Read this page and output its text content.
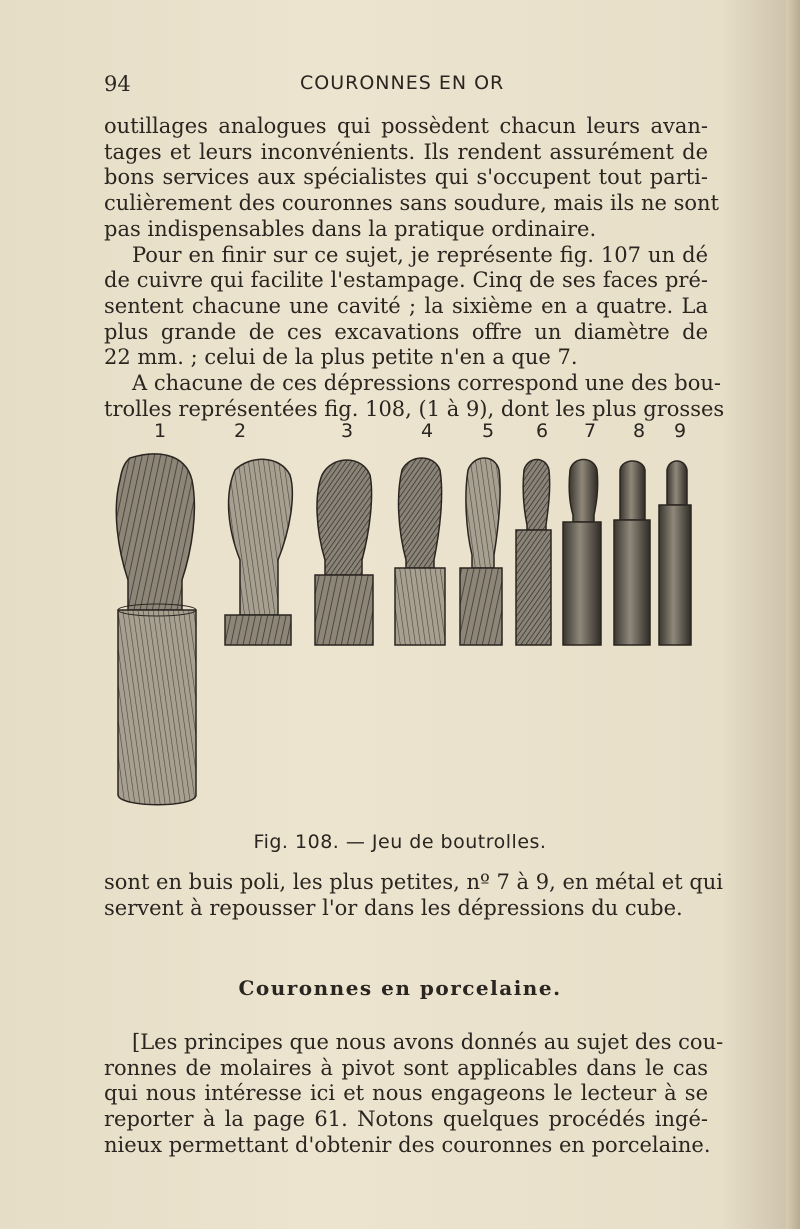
94	COURONNES EN OR
outillages analogues qui possèdent chacun leurs avan-
tages et leurs inconvénients. Ils rendent assurément de
bons services aux spécialistes qui s'occupent tout parti-
culièrement des couronnes sans soudure, mais ils ne sont
pas indispensables dans la pratique ordinaire.
Pour en finir sur ce sujet, je représente fig. 107 un dé
de cuivre qui facilite l'estampage. Cinq de ses faces pré-
sentent chacune une cavité ; la sixième en a quatre. La
plus grande de ces excavations offre un diamètre de
22 mm. ; celui de la plus petite n'en a que 7.
A chacune de ces dépressions correspond une des bou-
trolles représentées fig. 108, (1 à 9), dont les plus grosses
1	2	3	4	5	6	7	8	9
Fig. 108. — Jeu de boutrolles.
sont en buis poli, les plus petites, nº 7 à 9, en métal et qui
servent à repousser l'or dans les dépressions du cube.
Couronnes en porcelaine.
[Les principes que nous avons donnés au sujet des cou-
ronnes de molaires à pivot sont applicables dans le cas
qui nous intéresse ici et nous engageons le lecteur à se
reporter à la page 61. Notons quelques procédés ingé-
nieux permettant d'obtenir des couronnes en porcelaine.
